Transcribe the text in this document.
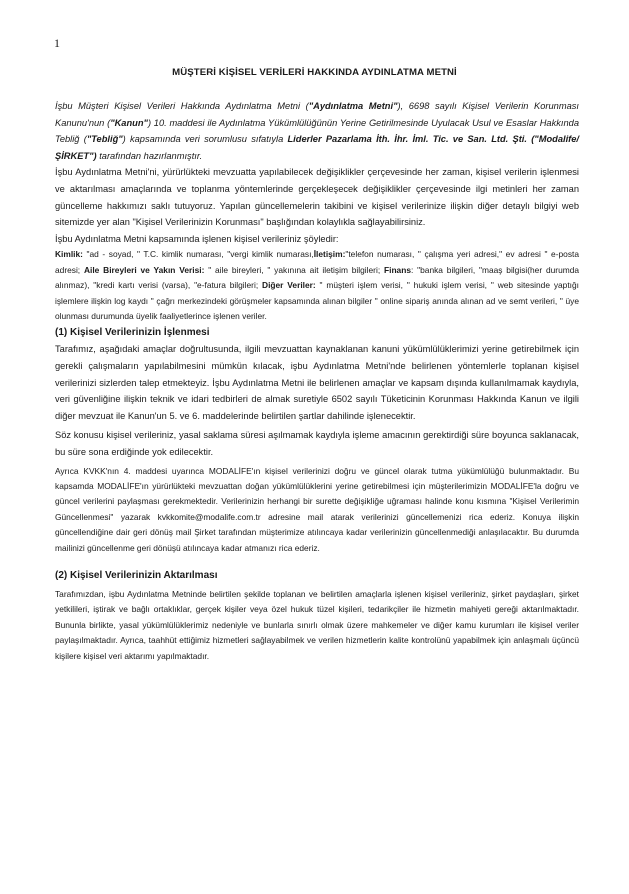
1
MÜŞTERİ KİŞİSEL VERİLERİ HAKKINDA AYDINLATMA METNİ

İşbu Müşteri Kişisel Verileri Hakkında Aydınlatma Metni ("Aydınlatma Metni"), 6698 sayılı Kişisel Verilerin Korunması Kanunu'nun ("Kanun") 10. maddesi ile Aydınlatma Yükümlülüğünün Yerine Getirilmesinde Uyulacak Usul ve Esaslar Hakkında Tebliğ ("Tebliğ") kapsamında veri sorumlusu sıfatıyla Liderler Pazarlama İth. İhr. İml. Tic. ve San. Ltd. Şti. ("Modalife/ŞİRKET") tarafından hazırlanmıştır.

İşbu Aydınlatma Metni'ni, yürürlükteki mevzuatta yapılabilecek değişiklikler çerçevesinde her zaman, kişisel verilerin işlenmesi ve aktarılması amaçlarında ve toplanma yöntemlerinde gerçekleşecek değişiklikler çerçevesinde ilgi metinleri her zaman güncelleme hakkımızı saklı tutuyoruz. Yapılan güncellemelerin takibini ve kişisel verilerinize ilişkin diğer detaylı bilgiyi web sitemizde yer alan "Kişisel Verilerinizin Korunması" başlığından kolaylıkla sağlayabilirsiniz.

İşbu Aydınlatma Metni kapsamında işlenen kişisel verileriniz şöyledir:

Kimlik: "ad - soyad, " T.C. kimlik numarası, "vergi kimlik numarası,İletişim:"telefon numarası, " çalışma yeri adresi," ev adresi " e-posta adresi; Aile Bireyleri ve Yakın Verisi: " aile bireyleri, " yakınına ait iletişim bilgileri; Finans: "banka bilgileri, "maaş bilgisi(her durumda alınmaz), "kredi kartı verisi (varsa), "e-fatura bilgileri; Diğer Veriler: " müşteri işlem verisi, " hukuki işlem verisi, " web sitesinde yaptığı işlemlere ilişkin log kaydı " çağrı merkezindeki görüşmeler kapsamında alınan bilgiler " online sipariş anında alınan ad ve semt verileri, " üye olunması durumunda üyelik faaliyetlerince işlenen veriler.

(1) Kişisel Verilerinizin İşlenmesi

Tarafımız, aşağıdaki amaçlar doğrultusunda, ilgili mevzuattan kaynaklanan kanuni yükümlülüklerimizi yerine getirebilmek için gerekli çalışmaların yapılabilmesini mümkün kılacak, işbu Aydınlatma Metni'nde belirlenen yöntemlerle toplanan kişisel verilerinizi sizlerden talep etmekteyiz. İşbu Aydınlatma Metni ile belirlenen amaçlar ve kapsam dışında kullanılmamak kaydıyla, veri güvenliğine ilişkin teknik ve idari tedbirleri de almak suretiyle 6502 sayılı Tüketicinin Korunması Hakkında Kanun ve ilgili diğer mevzuat ile Kanun'un 5. ve 6. maddelerinde belirtilen şartlar dahilinde işlenecektir.

Söz konusu kişisel verileriniz, yasal saklama süresi aşılmamak kaydıyla işleme amacının gerektirdiği süre boyunca saklanacak, bu süre sona erdiğinde yok edilecektir.

Ayrıca KVKK'nın 4. maddesi uyarınca MODALİFE'ın kişisel verilerinizi doğru ve güncel olarak tutma yükümlülüğü bulunmaktadır. Bu kapsamda MODALİFE'ın yürürlükteki mevzuattan doğan yükümlülüklerini yerine getirebilmesi için müşterilerimizin MODALİFE'la doğru ve güncel verilerini paylaşması gerekmektedir. Verilerinizin herhangi bir surette değişikliğe uğraması halinde konu kısmına "Kişisel Verilerimin Güncellenmesi" yazarak kvkkomite@modalife.com.tr adresine mail atarak verilerinizi güncellemenizi rica ederiz. Konuya ilişkin güncellendiğine dair geri dönüş mail Şirket tarafından müşterimize atılıncaya kadar verilerinizin güncellenmediği anlaşılacaktır. Bu durumda mailinizi güncellenme geri dönüşü atılıncaya kadar atmanızı rica ederiz.

(2) Kişisel Verilerinizin Aktarılması

Tarafımızdan, işbu Aydınlatma Metninde belirtilen şekilde toplanan ve belirtilen amaçlarla işlenen kişisel verileriniz, şirket paydaşları, şirket yetkilileri, iştirak ve bağlı ortaklıklar, gerçek kişiler veya özel hukuk tüzel kişileri, tedarikçiler ile hizmetin mahiyeti gereği aktarılmaktadır. Bununla birlikte, yasal yükümlülüklerimiz nedeniyle ve bunlarla sınırlı olmak üzere mahkemeler ve diğer kamu kurumları ile kişisel veriler paylaşılmaktadır. Ayrıca, taahhüt ettiğimiz hizmetleri sağlayabilmek ve verilen hizmetlerin kalite kontrolünü yapabilmek için anlaşmalı üçüncü kişilere kişisel veri aktarımı yapılmaktadır.
